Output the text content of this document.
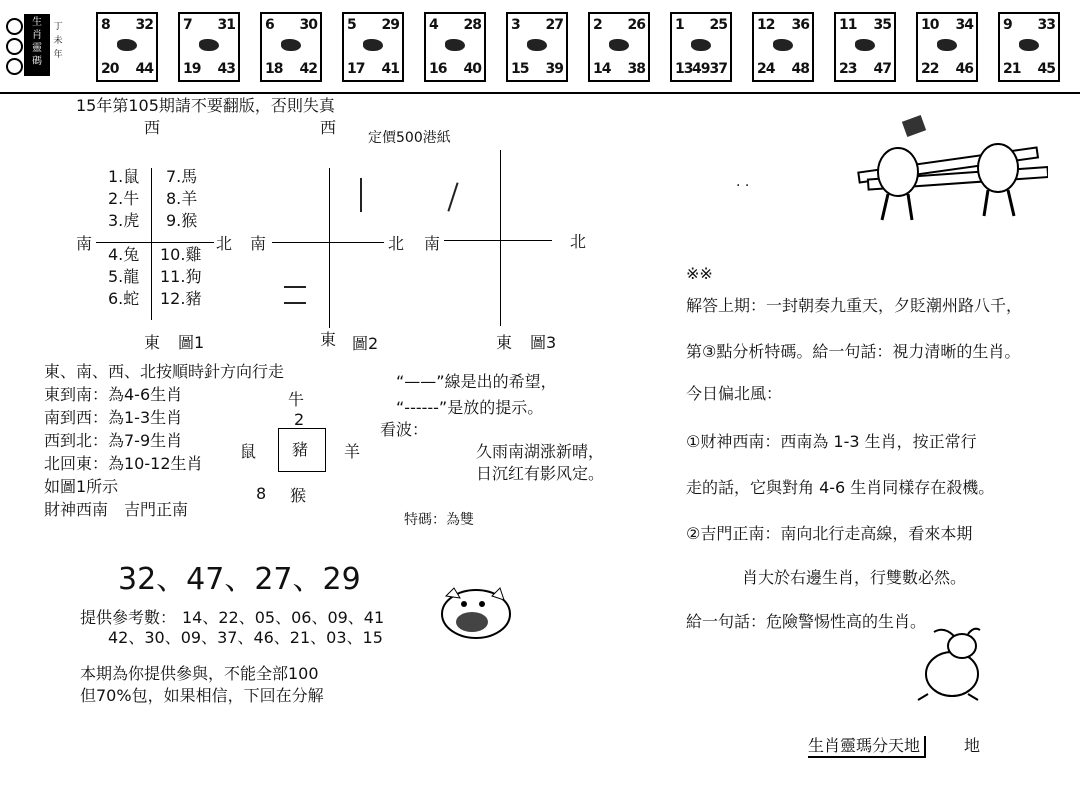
生
肖
靈
碼
丁
未
年
8 32
20 44
7 31
19 43
6 30
18 42
5 29
17 41
4 28
16 40
3 27
15 39
2 26
14 38
1 25
13 4937
12 36
24 48
11 35
23 47
10 34
22 46
9 33
21 45
15年第105期請不要翻版，否則失真
定價500港紙
西
南	北
東 圖1
1.鼠
2.牛
3.虎
7.馬
8.羊
9.猴
4.兔
5.龍
6.蛇
10.雞
11.狗
12.豬
西
南	北
東 圖2
南	北
東 圖3
東、南、西、北按順時針方向行走
東到南：為4-6生肖
南到西：為1-3生肖
西到北：為7-9生肖
北回東：為10-12生肖
如圖1所示
財神西南　吉門正南
牛
2
鼠 豬 羊
8 猴
“——”線是出的希望，
“------”是放的提示。
看波：
久雨南湖涨新晴，
日沉红有影风定。
特碼：為雙
32、47、27、29
提供參考數： 14、22、05、06、09、41
42、30、09、37、46、21、03、15
本期為你提供參與，不能全部100
但70%包，如果相信，下回在分解
· ·
※※
解答上期：一封朝奏九重天，夕貶潮州路八千，
第③點分析特碼。給一句話：視力清晰的生肖。
今日偏北風：
①财神西南：西南為 1-3 生肖，按正常行
走的話，它與對角 4-6 生肖同樣存在殺機。
②吉門正南：南向北行走高線，看來本期
肖大於右邊生肖，行雙數必然。
給一句話：危險警惕性高的生肖。
生肖靈瑪分天地	地
